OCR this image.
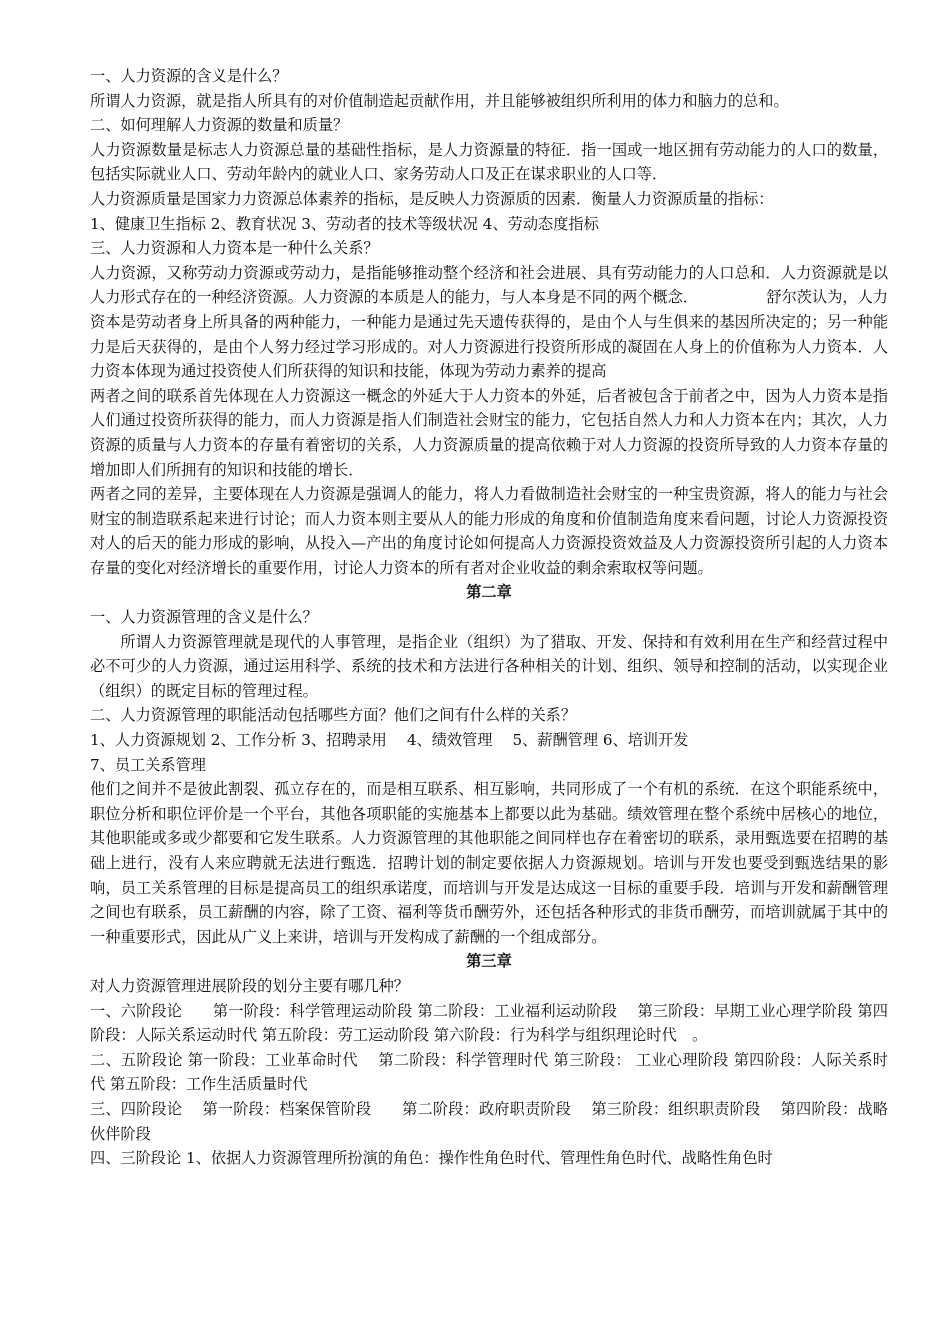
一、人力资源的含义是什么？

所谓人力资源，就是指人所具有的对价值制造起贡献作用，并且能够被组织所利用的体力和脑力的总和。

二、如何理解人力资源的数量和质量？

人力资源数量是标志人力资源总量的基础性指标，是人力资源量的特征．指一国或一地区拥有劳动能力的人口的数量，包括实际就业人口、劳动年龄内的就业人口、家务劳动人口及正在谋求职业的人口等．

人力资源质量是国家力力资源总体素养的指标，是反映人力资源质的因素．衡量人力资源质量的指标：

1、健康卫生指标 2、教育状况 3、劳动者的技术等级状况 4、劳动态度指标

三、人力资源和人力资本是一种什么关系？

人力资源，又称劳动力资源或劳动力，是指能够推动整个经济和社会进展、具有劳动能力的人口总和．人力资源就是以人力形式存在的一种经济资源。人力资源的本质是人的能力，与人本身是不同的两个概念．　　　　　舒尔茨认为，人力资本是劳动者身上所具备的两种能力，一种能力是通过先天遗传获得的，是由个人与生俱来的基因所决定的；另一种能力是后天获得的，是由个人努力经过学习形成的。对人力资源进行投资所形成的凝固在人身上的价值称为人力资本．人力资本体现为通过投资使人们所获得的知识和技能，体现为劳动力素养的提高

两者之间的联系首先体现在人力资源这一概念的外延大于人力资本的外延，后者被包含于前者之中，因为人力资本是指人们通过投资所获得的能力，而人力资源是指人们制造社会财宝的能力，它包括自然人力和人力资本在内；其次，人力资源的质量与人力资本的存量有着密切的关系，人力资源质量的提高依赖于对人力资源的投资所导致的人力资本存量的增加即人们所拥有的知识和技能的增长．

两者之同的差异，主要体现在人力资源是强调人的能力，将人力看做制造社会财宝的一种宝贵资源，将人的能力与社会财宝的制造联系起来进行讨论；而人力资本则主要从人的能力形成的角度和价值制造角度来看问题，讨论人力资源投资对人的后天的能力形成的影响，从投入—产出的角度讨论如何提高人力资源投资效益及人力资源投资所引起的人力资本存量的变化对经济增长的重要作用，讨论人力资本的所有者对企业收益的剩余索取权等问题。

第二章

一、人力资源管理的含义是什么？

所谓人力资源管理就是现代的人事管理，是指企业（组织）为了猎取、开发、保持和有效利用在生产和经营过程中必不可少的人力资源，通过运用科学、系统的技术和方法进行各种相关的计划、组织、领导和控制的活动，以实现企业（组织）的既定目标的管理过程。

二、人力资源管理的职能活动包括哪些方面？他们之间有什么样的关系？

1、人力资源规划 2、工作分析 3、招聘录用　 4、绩效管理　 5、薪酬管理 6、培训开发

7、员工关系管理

他们之间并不是彼此割裂、孤立存在的，而是相互联系、相互影响，共同形成了一个有机的系统．在这个职能系统中，职位分析和职位评价是一个平台，其他各项职能的实施基本上都要以此为基础。绩效管理在整个系统中居核心的地位，其他职能或多或少都要和它发生联系。人力资源管理的其他职能之间同样也存在着密切的联系，录用甄选要在招聘的基础上进行，没有人来应聘就无法进行甄选．招聘计划的制定要依据人力资源规划。培训与开发也要受到甄选结果的影响，员工关系管理的目标是提高员工的组织承诺度，而培训与开发是达成这一目标的重要手段．培训与开发和薪酬管理之间也有联系，员工薪酬的内容，除了工资、福利等货币酬劳外，还包括各种形式的非货币酬劳，而培训就属于其中的一种重要形式，因此从广义上来讲，培训与开发构成了薪酬的一个组成部分。

第三章

对人力资源管理进展阶段的划分主要有哪几种？

一、六阶段论　　第一阶段：科学管理运动阶段 第二阶段：工业福利运动阶段　 第三阶段：早期工业心理学阶段 第四阶段：人际关系运动时代 第五阶段：劳工运动阶段 第六阶段：行为科学与组织理论时代　。

二、五阶段论 第一阶段：工业革命时代　 第二阶段：科学管理时代 第三阶段： 工业心理阶段 第四阶段：人际关系时代 第五阶段：工作生活质量时代

三、四阶段论　 第一阶段：档案保管阶段　　第二阶段：政府职责阶段　 第三阶段：组织职责阶段　 第四阶段：战略伙伴阶段

四、三阶段论 1、依据人力资源管理所扮演的角色：操作性角色时代、管理性角色时代、战略性角色时
